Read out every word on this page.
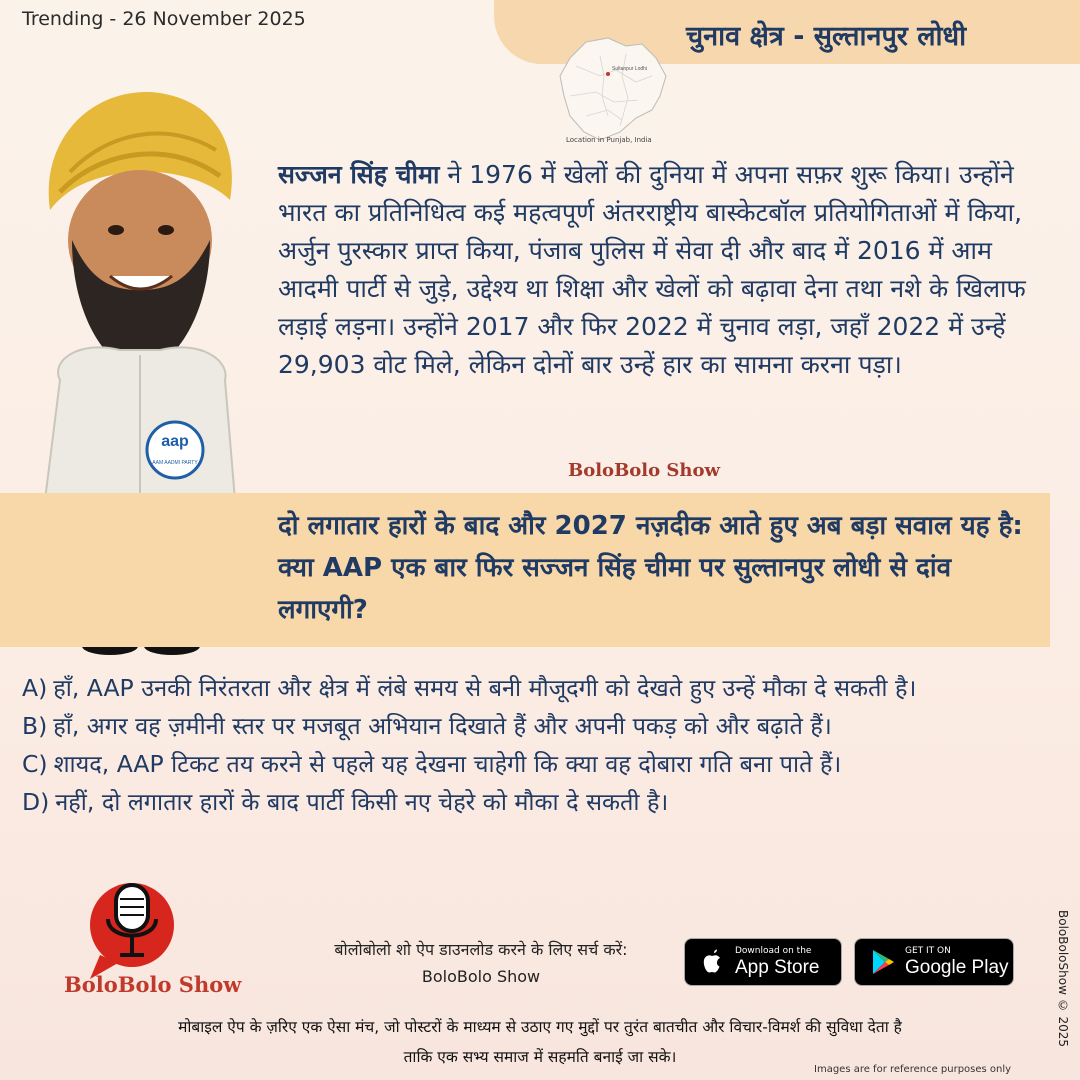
Trending - 26 November 2025
चुनाव क्षेत्र - सुल्तानपुर लोधी
Sultanpur Lodhi
Location in Punjab, India
aap
AAM AADMI PARTY
सज्जन सिंह चीमा ने 1976 में खेलों की दुनिया में अपना सफ़र शुरू किया। उन्होंने भारत का प्रतिनिधित्व कई महत्वपूर्ण अंतरराष्ट्रीय बास्केटबॉल प्रतियोगिताओं में किया, अर्जुन पुरस्कार प्राप्त किया, पंजाब पुलिस में सेवा दी और बाद में 2016 में आम आदमी पार्टी से जुड़े, उद्देश्य था शिक्षा और खेलों को बढ़ावा देना तथा नशे के खिलाफ लड़ाई लड़ना। उन्होंने 2017 और फिर 2022 में चुनाव लड़ा, जहाँ 2022 में उन्हें 29,903 वोट मिले, लेकिन दोनों बार उन्हें हार का सामना करना पड़ा।
BoloBolo Show
दो लगातार हारों के बाद और 2027 नज़दीक आते हुए अब बड़ा सवाल यह है: क्या AAP एक बार फिर सज्जन सिंह चीमा पर सुल्तानपुर लोधी से दांव लगाएगी?
A) हाँ, AAP उनकी निरंतरता और क्षेत्र में लंबे समय से बनी मौजूदगी को देखते हुए उन्हें मौका दे सकती है।
B) हाँ, अगर वह ज़मीनी स्तर पर मजबूत अभियान दिखाते हैं और अपनी पकड़ को और बढ़ाते हैं।
C) शायद, AAP टिकट तय करने से पहले यह देखना चाहेगी कि क्या वह दोबारा गति बना पाते हैं।
D) नहीं, दो लगातार हारों के बाद पार्टी किसी नए चेहरे को मौका दे सकती है।
BoloBolo Show
बोलोबोलो शो ऐप डाउनलोड करने के लिए सर्च करें:
BoloBolo Show
Download on the
App Store
GET IT ON
Google Play
मोबाइल ऐप के ज़रिए एक ऐसा मंच, जो पोस्टरों के माध्यम से उठाए गए मुद्दों पर तुरंत बातचीत और विचार-विमर्श की सुविधा देता है
ताकि एक सभ्य समाज में सहमति बनाई जा सके।
BoloBoloShow © 2025
Images are for reference purposes only
